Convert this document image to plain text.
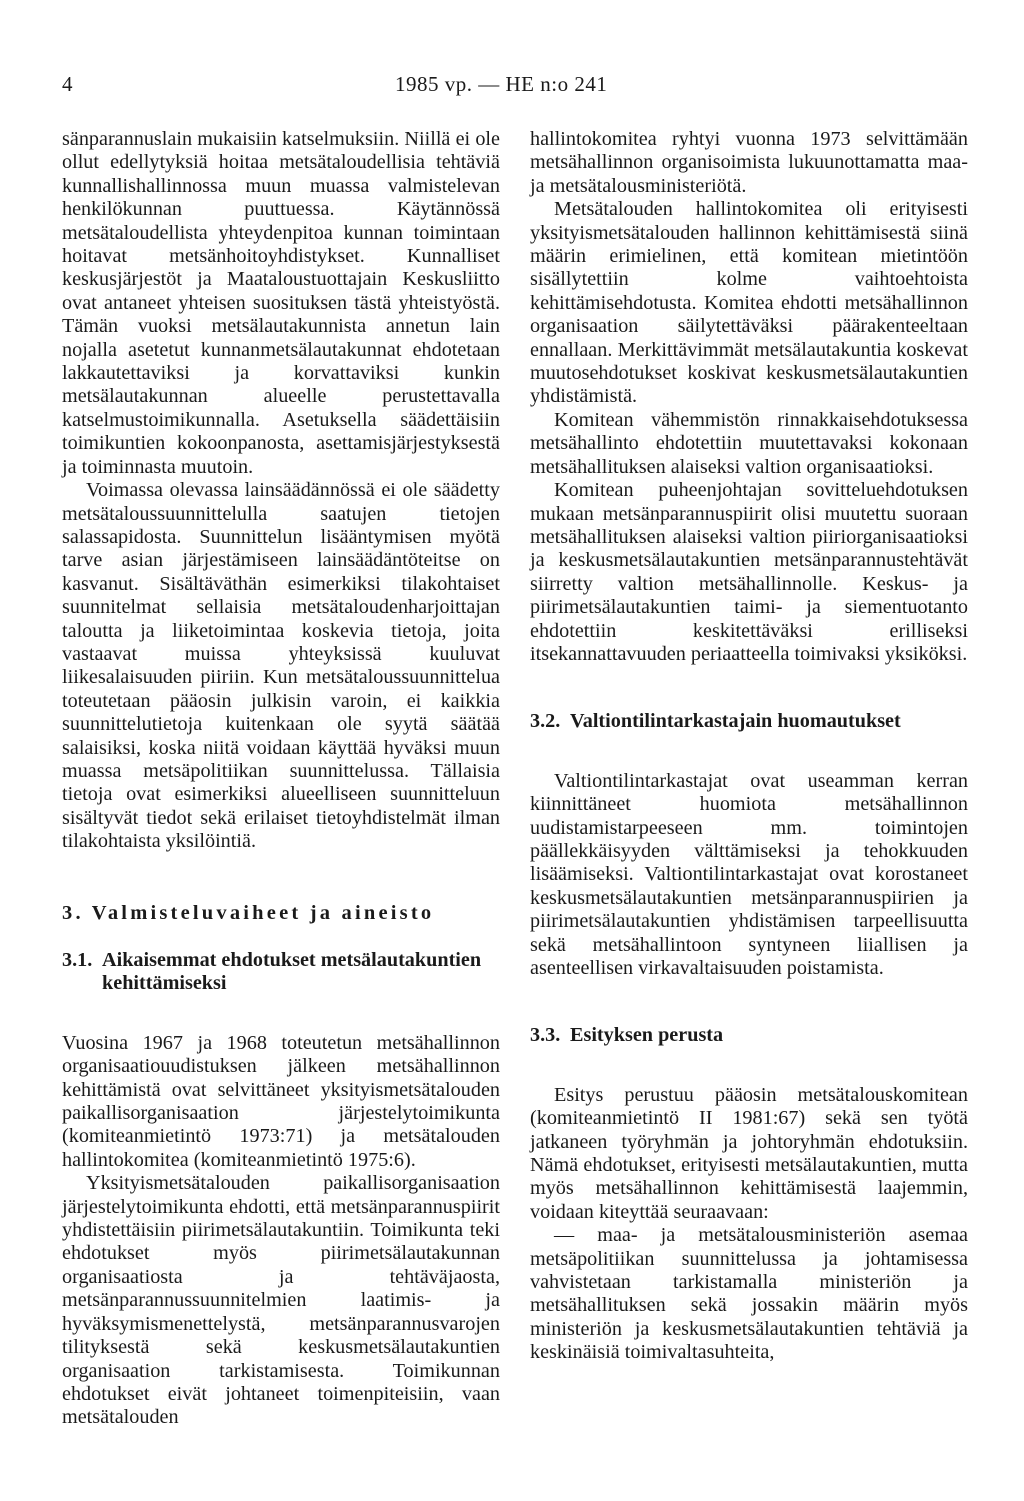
4	1985 vp. — HE n:o 241

sänparannuslain mukaisiin katselmuksiin. Niillä ei ole ollut edellytyksiä hoitaa metsätaloudellisia tehtäviä kunnallishallinnossa muun muassa valmistelevan henkilökunnan puuttuessa. Käytännössä metsätaloudellista yhteydenpitoa kunnan toimintaan hoitavat metsänhoitoyhdistykset. Kunnalliset keskusjärjestöt ja Maataloustuottajain Keskusliitto ovat antaneet yhteisen suosituksen tästä yhteistyöstä. Tämän vuoksi metsälautakunnista annetun lain nojalla asetetut kunnanmetsälautakunnat ehdotetaan lakkautettaviksi ja korvattaviksi kunkin metsälautakunnan alueelle perustettavalla katselmustoimikunnalla. Asetuksella säädettäisiin toimikuntien kokoonpanosta, asettamisjärjestyksestä ja toiminnasta muutoin.

Voimassa olevassa lainsäädännössä ei ole säädetty metsätaloussuunnittelulla saatujen tietojen salassapidosta. Suunnittelun lisääntymisen myötä tarve asian järjestämiseen lainsäädäntöteitse on kasvanut. Sisältäväthän esimerkiksi tilakohtaiset suunnitelmat sellaisia metsätaloudenharjoittajan taloutta ja liiketoimintaa koskevia tietoja, joita vastaavat muissa yhteyksissä kuuluvat liikesalaisuuden piiriin. Kun metsätaloussuunnittelua toteutetaan pääosin julkisin varoin, ei kaikkia suunnittelutietoja kuitenkaan ole syytä säätää salaisiksi, koska niitä voidaan käyttää hyväksi muun muassa metsäpolitiikan suunnittelussa. Tällaisia tietoja ovat esimerkiksi alueelliseen suunnitteluun sisältyvät tiedot sekä erilaiset tietoyhdistelmät ilman tilakohtaista yksilöintiä.

3. Valmisteluvaiheet ja aineisto
3.1. Aikaisemmat ehdotukset metsälautakuntien kehittämiseksi

Vuosina 1967 ja 1968 toteutetun metsähallinnon organisaatiouudistuksen jälkeen metsähallinnon kehittämistä ovat selvittäneet yksityismetsätalouden paikallisorganisaation järjestelytoimikunta (komiteanmietintö 1973:71) ja metsätalouden hallintokomitea (komiteanmietintö 1975:6).

Yksityismetsätalouden paikallisorganisaation järjestelytoimikunta ehdotti, että metsänparannuspiirit yhdistettäisiin piirimetsälautakuntiin. Toimikunta teki ehdotukset myös piirimetsälautakunnan organisaatiosta ja tehtäväjaosta, metsänparannussuunnitelmien laatimis- ja hyväksymismenettelystä, metsänparannusvarojen tilityksestä sekä keskusmetsälautakuntien organisaation tarkistamisesta. Toimikunnan ehdotukset eivät johtaneet toimenpiteisiin, vaan metsätalouden

hallintokomitea ryhtyi vuonna 1973 selvittämään metsähallinnon organisoimista lukuunottamatta maa- ja metsätalousministeriötä.

Metsätalouden hallintokomitea oli erityisesti yksityismetsätalouden hallinnon kehittämisestä siinä määrin erimielinen, että komitean mietintöön sisällytettiin kolme vaihtoehtoista kehittämisehdotusta. Komitea ehdotti metsähallinnon organisaation säilytettäväksi päärakenteeltaan ennallaan. Merkittävimmät metsälautakuntia koskevat muutosehdotukset koskivat keskusmetsälautakuntien yhdistämistä.

Komitean vähemmistön rinnakkaisehdotuksessa metsähallinto ehdotettiin muutettavaksi kokonaan metsähallituksen alaiseksi valtion organisaatioksi.

Komitean puheenjohtajan sovitteluehdotuksen mukaan metsänparannuspiirit olisi muutettu suoraan metsähallituksen alaiseksi valtion piiriorganisaatioksi ja keskusmetsälautakuntien metsänparannustehtävät siirretty valtion metsähallinnolle. Keskus- ja piirimetsälautakuntien taimi- ja siementuotanto ehdotettiin keskitettäväksi erilliseksi itsekannattavuuden periaatteella toimivaksi yksiköksi.

3.2. Valtiontilintarkastajain huomautukset

Valtiontilintarkastajat ovat useamman kerran kiinnittäneet huomiota metsähallinnon uudistamistarpeeseen mm. toimintojen päällekkäisyyden välttämiseksi ja tehokkuuden lisäämiseksi. Valtiontilintarkastajat ovat korostaneet keskusmetsälautakuntien metsänparannuspiirien ja piirimetsälautakuntien yhdistämisen tarpeellisuutta sekä metsähallintoon syntyneen liiallisen ja asenteellisen virkavaltaisuuden poistamista.

3.3. Esityksen perusta

Esitys perustuu pääosin metsätalouskomitean (komiteanmietintö II 1981:67) sekä sen työtä jatkaneen työryhmän ja johtoryhmän ehdotuksiin. Nämä ehdotukset, erityisesti metsälautakuntien, mutta myös metsähallinnon kehittämisestä laajemmin, voidaan kiteyttää seuraavaan:

— maa- ja metsätalousministeriön asemaa metsäpolitiikan suunnittelussa ja johtamisessa vahvistetaan tarkistamalla ministeriön ja metsähallituksen sekä jossakin määrin myös ministeriön ja keskusmetsälautakuntien tehtäviä ja keskinäisiä toimivaltasuhteita,
